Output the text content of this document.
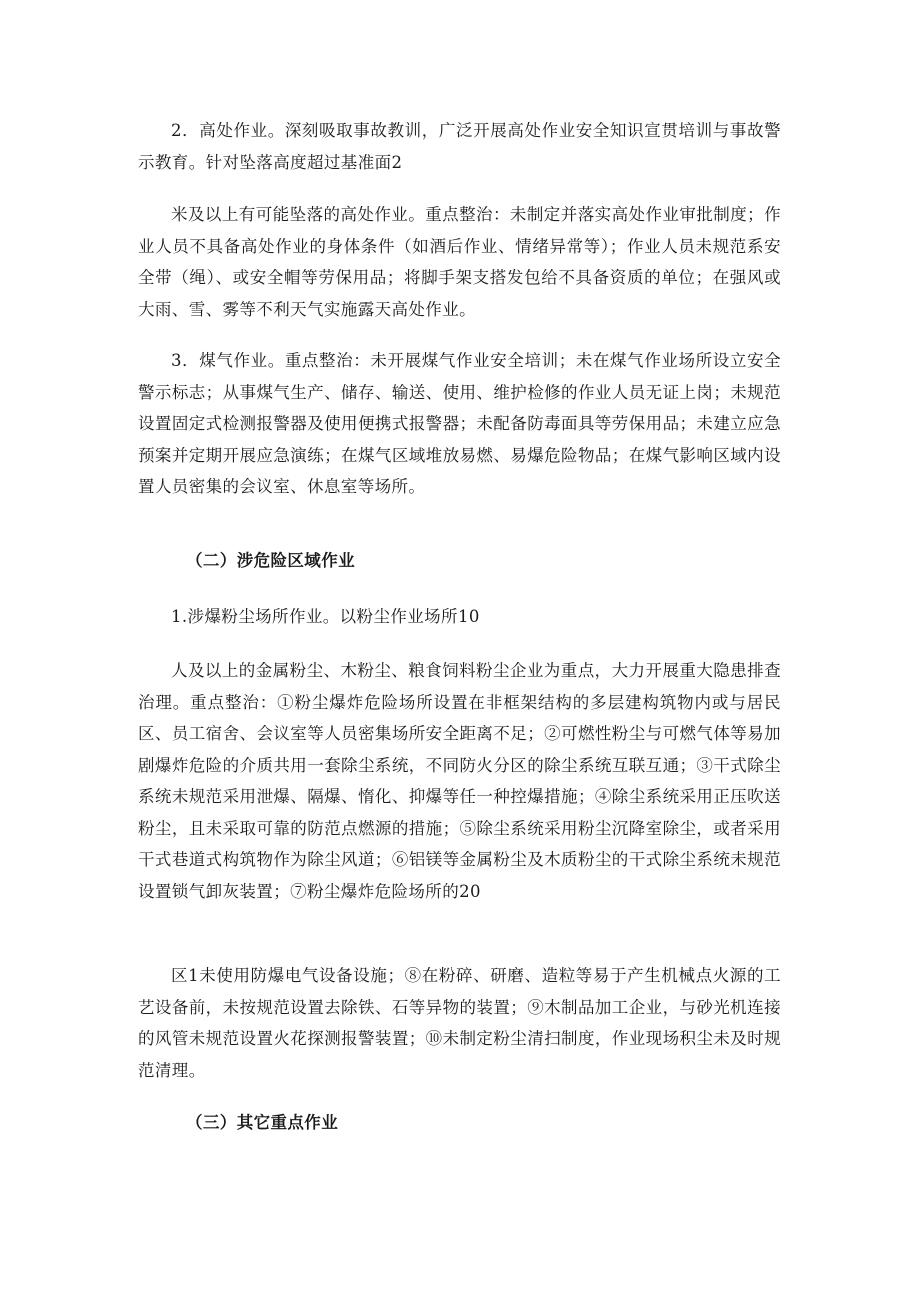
2．高处作业。深刻吸取事故教训，广泛开展高处作业安全知识宣贯培训与事故警示教育。针对坠落高度超过基准面2

米及以上有可能坠落的高处作业。重点整治：未制定并落实高处作业审批制度；作业人员不具备高处作业的身体条件（如酒后作业、情绪异常等）；作业人员未规范系安全带（绳）、或安全帽等劳保用品；将脚手架支搭发包给不具备资质的单位；在强风或大雨、雪、雾等不利天气实施露天高处作业。

3．煤气作业。重点整治：未开展煤气作业安全培训；未在煤气作业场所设立安全警示标志；从事煤气生产、储存、输送、使用、维护检修的作业人员无证上岗；未规范设置固定式检测报警器及使用便携式报警器；未配备防毒面具等劳保用品；未建立应急预案并定期开展应急演练；在煤气区域堆放易燃、易爆危险物品；在煤气影响区域内设置人员密集的会议室、休息室等场所。

（二）涉危险区域作业

1.涉爆粉尘场所作业。以粉尘作业场所10

人及以上的金属粉尘、木粉尘、粮食饲料粉尘企业为重点，大力开展重大隐患排查治理。重点整治：①粉尘爆炸危险场所设置在非框架结构的多层建构筑物内或与居民区、员工宿舍、会议室等人员密集场所安全距离不足；②可燃性粉尘与可燃气体等易加剧爆炸危险的介质共用一套除尘系统，不同防火分区的除尘系统互联互通；③干式除尘系统未规范采用泄爆、隔爆、惰化、抑爆等任一种控爆措施；④除尘系统采用正压吹送粉尘，且未采取可靠的防范点燃源的措施；⑤除尘系统采用粉尘沉降室除尘，或者采用干式巷道式构筑物作为除尘风道；⑥铝镁等金属粉尘及木质粉尘的干式除尘系统未规范设置锁气卸灰装置；⑦粉尘爆炸危险场所的20

区1未使用防爆电气设备设施；⑧在粉碎、研磨、造粒等易于产生机械点火源的工艺设备前，未按规范设置去除铁、石等异物的装置；⑨木制品加工企业，与砂光机连接的风管未规范设置火花探测报警装置；⑩未制定粉尘清扫制度，作业现场积尘未及时规范清理。

（三）其它重点作业
